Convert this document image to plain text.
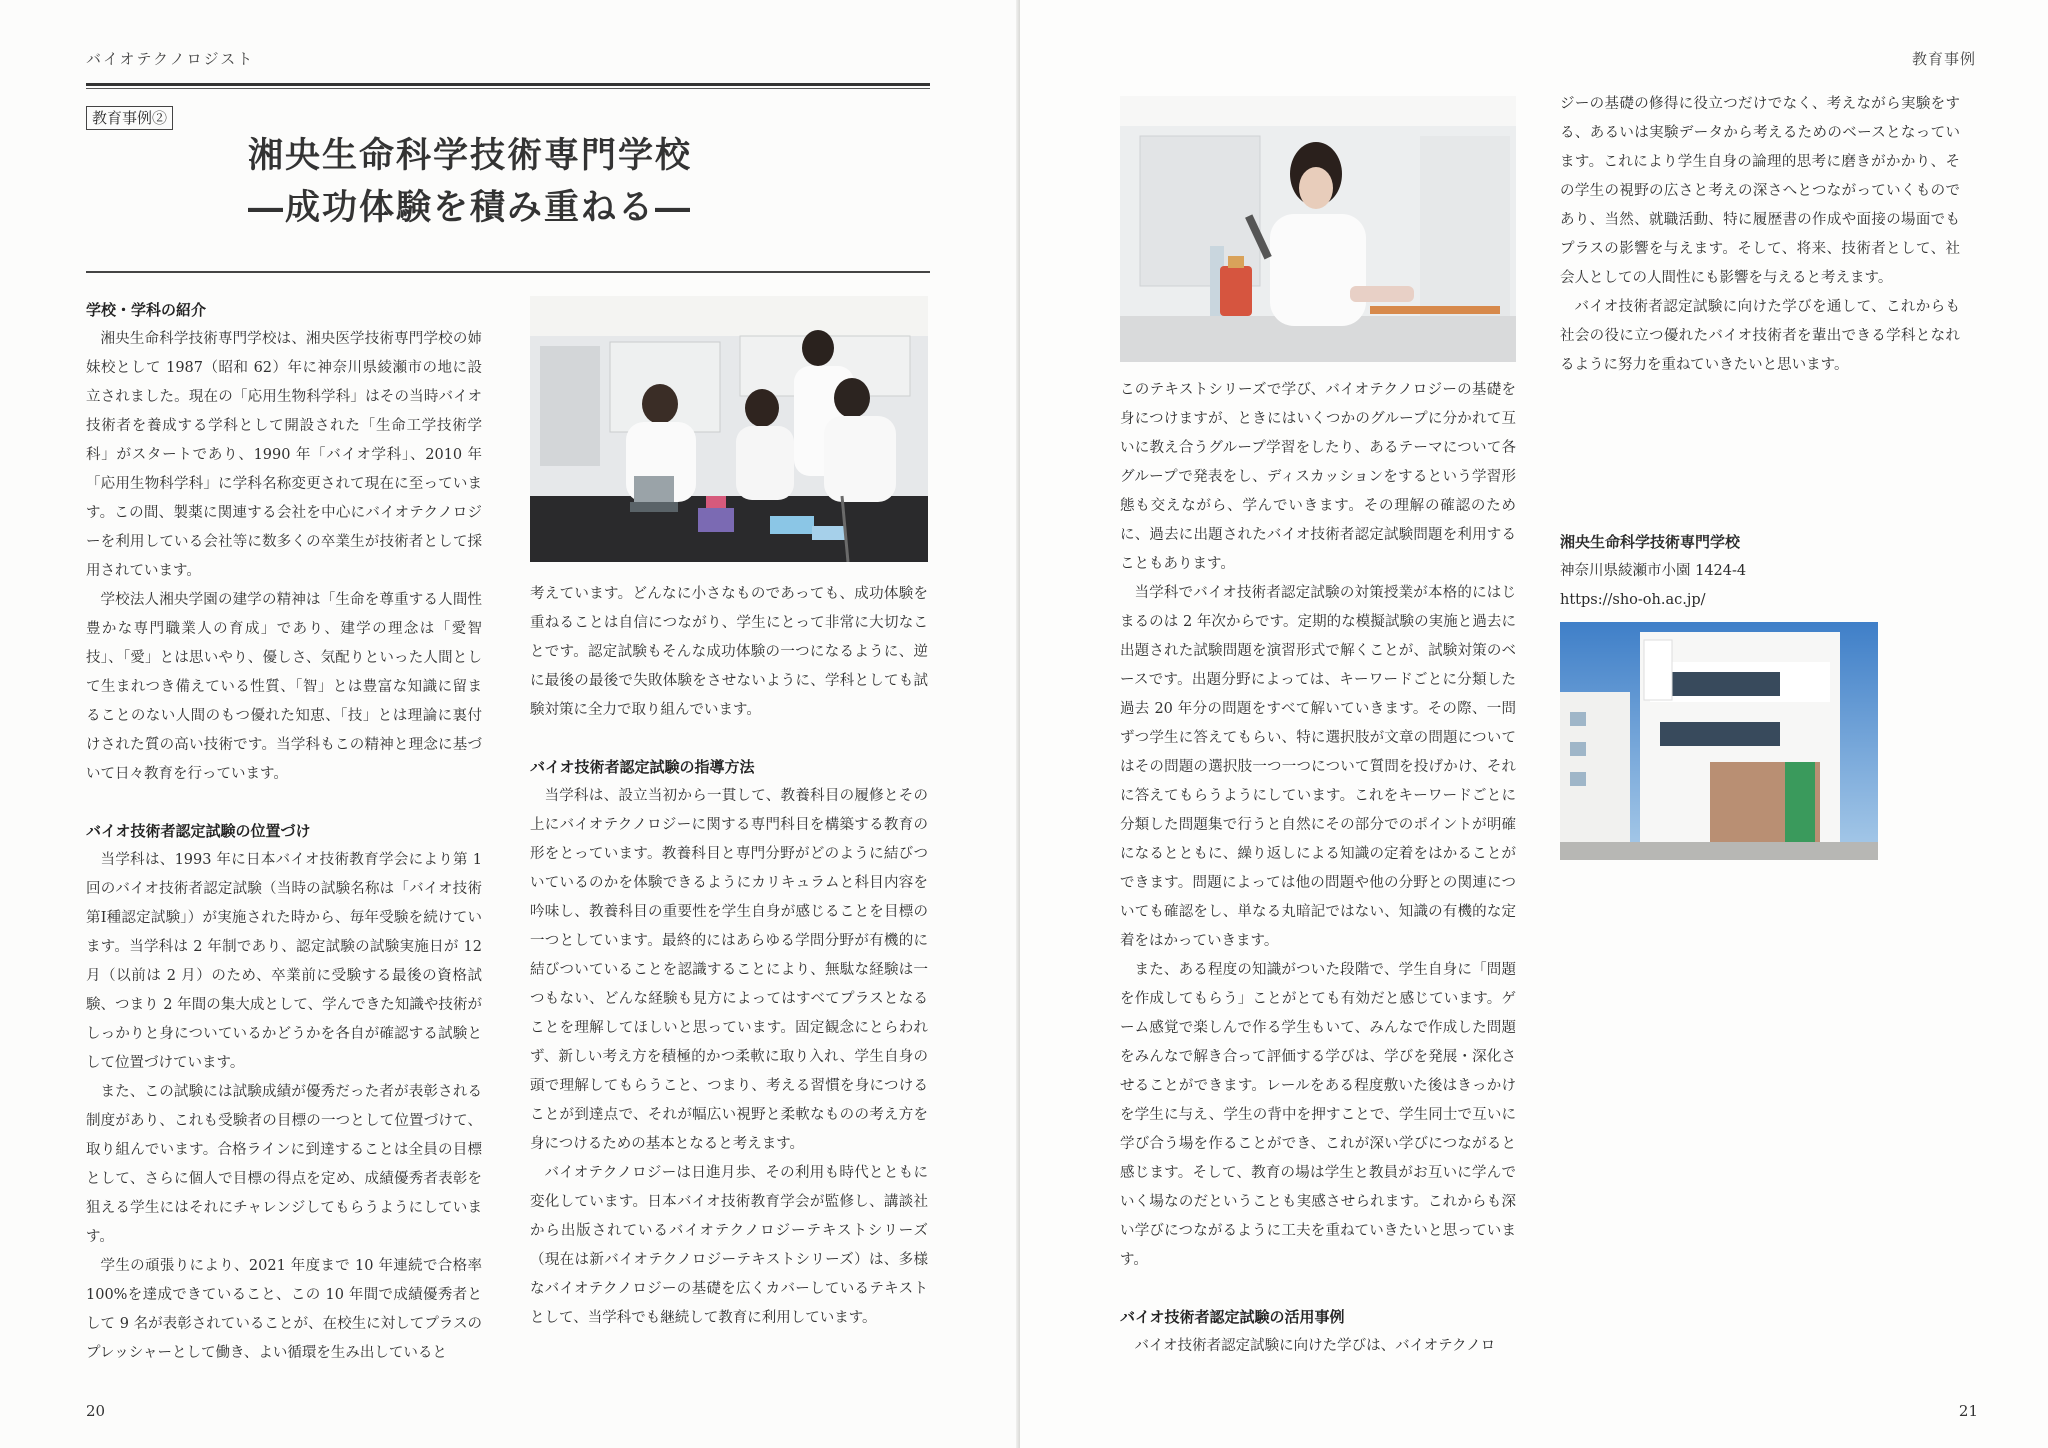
バイオテクノロジスト
教育事例②
湘央生命科学技術専門学校
―成功体験を積み重ねる―
学校・学科の紹介

湘央生命科学技術専門学校は、湘央医学技術専門学校の姉妹校として 1987（昭和 62）年に神奈川県綾瀬市の地に設立されました。現在の「応用生物科学科」はその当時バイオ技術者を養成する学科として開設された「生命工学技術学科」がスタートであり、1990 年「バイオ学科」、2010 年「応用生物科学科」に学科名称変更されて現在に至っています。この間、製薬に関連する会社を中心にバイオテクノロジーを利用している会社等に数多くの卒業生が技術者として採用されています。

学校法人湘央学園の建学の精神は「生命を尊重する人間性豊かな専門職業人の育成」であり、建学の理念は「愛智技」、「愛」とは思いやり、優しさ、気配りといった人間として生まれつき備えている性質、「智」とは豊富な知識に留まることのない人間のもつ優れた知恵、「技」とは理論に裏付けされた質の高い技術です。当学科もこの精神と理念に基づいて日々教育を行っています。

バイオ技術者認定試験の位置づけ

当学科は、1993 年に日本バイオ技術教育学会により第 1 回のバイオ技術者認定試験（当時の試験名称は「バイオ技術第Ⅰ種認定試験」）が実施された時から、毎年受験を続けています。当学科は 2 年制であり、認定試験の試験実施日が 12 月（以前は 2 月）のため、卒業前に受験する最後の資格試験、つまり 2 年間の集大成として、学んできた知識や技術がしっかりと身についているかどうかを各自が確認する試験として位置づけています。

また、この試験には試験成績が優秀だった者が表彰される制度があり、これも受験者の目標の一つとして位置づけて、取り組んでいます。合格ラインに到達することは全員の目標として、さらに個人で目標の得点を定め、成績優秀者表彰を狙える学生にはそれにチャレンジしてもらうようにしています。

学生の頑張りにより、2021 年度まで 10 年連続で合格率 100%を達成できていること、この 10 年間で成績優秀者として 9 名が表彰されていることが、在校生に対してプラスのプレッシャーとして働き、よい循環を生み出していると

考えています。どんなに小さなものであっても、成功体験を重ねることは自信につながり、学生にとって非常に大切なことです。認定試験もそんな成功体験の一つになるように、逆に最後の最後で失敗体験をさせないように、学科としても試験対策に全力で取り組んでいます。

バイオ技術者認定試験の指導方法

当学科は、設立当初から一貫して、教養科目の履修とその上にバイオテクノロジーに関する専門科目を構築する教育の形をとっています。教養科目と専門分野がどのように結びついているのかを体験できるようにカリキュラムと科目内容を吟味し、教養科目の重要性を学生自身が感じることを目標の一つとしています。最終的にはあらゆる学問分野が有機的に結びついていることを認識することにより、無駄な経験は一つもない、どんな経験も見方によってはすべてプラスとなることを理解してほしいと思っています。固定観念にとらわれず、新しい考え方を積極的かつ柔軟に取り入れ、学生自身の頭で理解してもらうこと、つまり、考える習慣を身につけることが到達点で、それが幅広い視野と柔軟なものの考え方を身につけるための基本となると考えます。

バイオテクノロジーは日進月歩、その利用も時代とともに変化しています。日本バイオ技術教育学会が監修し、講談社から出版されているバイオテクノロジーテキストシリーズ（現在は新バイオテクノロジーテキストシリーズ）は、多様なバイオテクノロジーの基礎を広くカバーしているテキストとして、当学科でも継続して教育に利用しています。

20
教育事例

このテキストシリーズで学び、バイオテクノロジーの基礎を身につけますが、ときにはいくつかのグループに分かれて互いに教え合うグループ学習をしたり、あるテーマについて各グループで発表をし、ディスカッションをするという学習形態も交えながら、学んでいきます。その理解の確認のために、過去に出題されたバイオ技術者認定試験問題を利用することもあります。

当学科でバイオ技術者認定試験の対策授業が本格的にはじまるのは 2 年次からです。定期的な模擬試験の実施と過去に出題された試験問題を演習形式で解くことが、試験対策のベースです。出題分野によっては、キーワードごとに分類した過去 20 年分の問題をすべて解いていきます。その際、一問ずつ学生に答えてもらい、特に選択肢が文章の問題についてはその問題の選択肢一つ一つについて質問を投げかけ、それに答えてもらうようにしています。これをキーワードごとに分類した問題集で行うと自然にその部分でのポイントが明確になるとともに、繰り返しによる知識の定着をはかることができます。問題によっては他の問題や他の分野との関連についても確認をし、単なる丸暗記ではない、知識の有機的な定着をはかっていきます。

また、ある程度の知識がついた段階で、学生自身に「問題を作成してもらう」ことがとても有効だと感じています。ゲーム感覚で楽しんで作る学生もいて、みんなで作成した問題をみんなで解き合って評価する学びは、学びを発展・深化させることができます。レールをある程度敷いた後はきっかけを学生に与え、学生の背中を押すことで、学生同士で互いに学び合う場を作ることができ、これが深い学びにつながると感じます。そして、教育の場は学生と教員がお互いに学んでいく場なのだということも実感させられます。これからも深い学びにつながるように工夫を重ねていきたいと思っています。

バイオ技術者認定試験の活用事例

バイオ技術者認定試験に向けた学びは、バイオテクノロ

ジーの基礎の修得に役立つだけでなく、考えながら実験をする、あるいは実験データから考えるためのベースとなっています。これにより学生自身の論理的思考に磨きがかかり、その学生の視野の広さと考えの深さへとつながっていくものであり、当然、就職活動、特に履歴書の作成や面接の場面でもプラスの影響を与えます。そして、将来、技術者として、社会人としての人間性にも影響を与えると考えます。

バイオ技術者認定試験に向けた学びを通して、これからも社会の役に立つ優れたバイオ技術者を輩出できる学科となれるように努力を重ねていきたいと思います。

湘央生命科学技術専門学校
神奈川県綾瀬市小園 1424-4
https://sho-oh.ac.jp/
21
